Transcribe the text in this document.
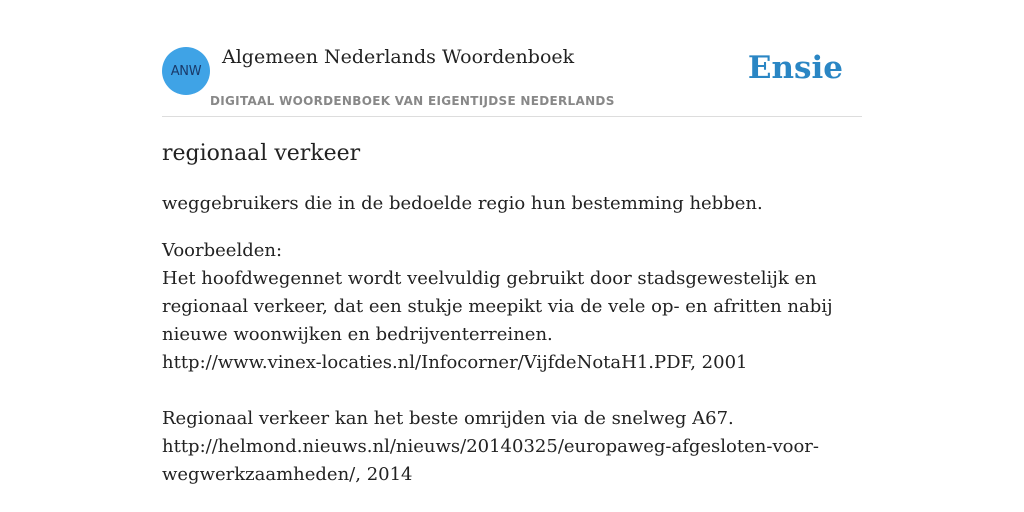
ANW
Algemeen Nederlands Woordenboek
DIGITAAL WOORDENBOEK VAN EIGENTIJDSE NEDERLANDS
Ensie
regionaal verkeer

weggebruikers die in de bedoelde regio hun bestemming hebben.

Voorbeelden:
Het hoofdwegennet wordt veelvuldig gebruikt door stadsgewestelijk en regionaal verkeer, dat een stukje meepikt via de vele op- en afritten nabij nieuwe woonwijken en bedrijventerreinen.
http://www.vinex-locaties.nl/Infocorner/VijfdeNotaH1.PDF, 2001
Regionaal verkeer kan het beste omrijden via de snelweg A67.
http://helmond.nieuws.nl/nieuws/20140325/europaweg-afgesloten-voor-wegwerkzaamheden/, 2014
